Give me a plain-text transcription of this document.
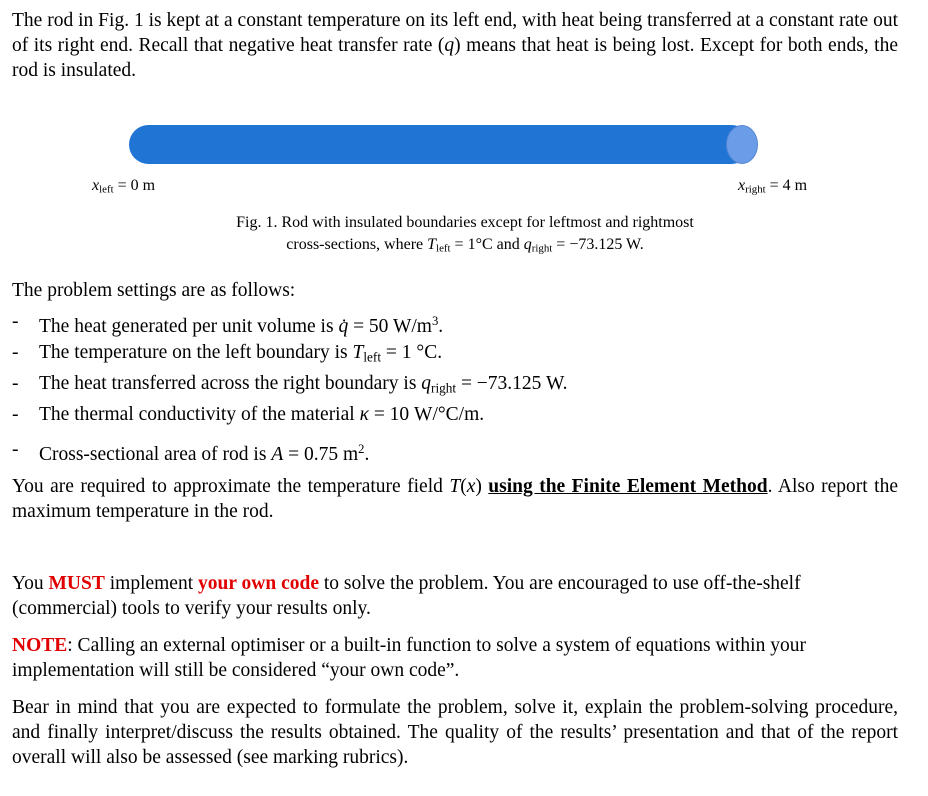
The rod in Fig. 1 is kept at a constant temperature on its left end, with heat being transferred at a constant rate out of its right end. Recall that negative heat transfer rate (q) means that heat is being lost. Except for both ends, the rod is insulated.

$x_{left} = 0$ m	$x_{right} = 4$ m
Fig. 1. Rod with insulated boundaries except for leftmost and rightmost
cross-sections, where $T_{left} = 1^\circ C$ and $q_{right} = -73.125$ W.

The problem settings are as follows:

- The heat generated per unit volume is q̇ = 50 $W/m^3$.
- The temperature on the left boundary is $T_{left} = 1$ °C.
- The heat transferred across the right boundary is $q_{right} = -73.125$ W.
- The thermal conductivity of the material κ = 10 W/°C/m.
- Cross-sectional area of rod is A = 0.75 $m^2$.

You are required to approximate the temperature field T(x) using the Finite Element Method. Also report the maximum temperature in the rod.

You MUST implement your own code to solve the problem. You are encouraged to use off-the-shelf (commercial) tools to verify your results only.

NOTE: Calling an external optimiser or a built-in function to solve a system of equations within your implementation will still be considered “your own code”.

Bear in mind that you are expected to formulate the problem, solve it, explain the problem-solving procedure, and finally interpret/discuss the results obtained. The quality of the results’ presentation and that of the report overall will also be assessed (see marking rubrics).
